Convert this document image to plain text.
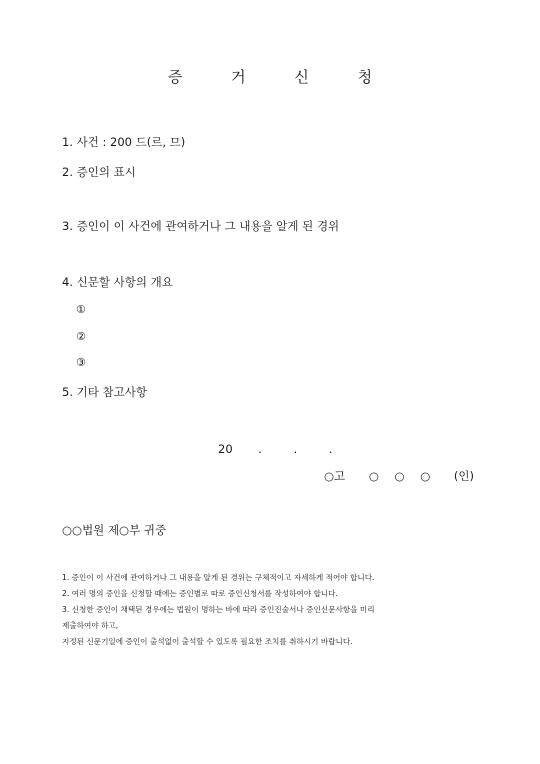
증 거 신 청
1. 사건 : 200 드(르, 므)
2. 증인의 표시
3. 증인이 이 사건에 관여하거나 그 내용을 알게 된 경위
4. 신문할 사항의 개요
①
②
③
5. 기타 참고사항
20 .	.	.
○고 ○ ○ ○ (인)
○○법원 제○부 귀중
1. 증인이 이 사건에 관여하거나 그 내용을 알게 된 경위는 구체적이고 자세하게 적어야 합니다.
2. 여러 명의 증인을 신청할 때에는 증인별로 따로 증인신청서를 작성하여야 합니다.
3. 신청한 증인이 채택된 경우에는 법원이 명하는 바에 따라 증인진술서나 증인신문사항을 미리
제출하여야 하고,
지정된 신문기일에 증인이 출석없이 출석할 수 있도록 필요한 조치를 취하시기 바랍니다.
